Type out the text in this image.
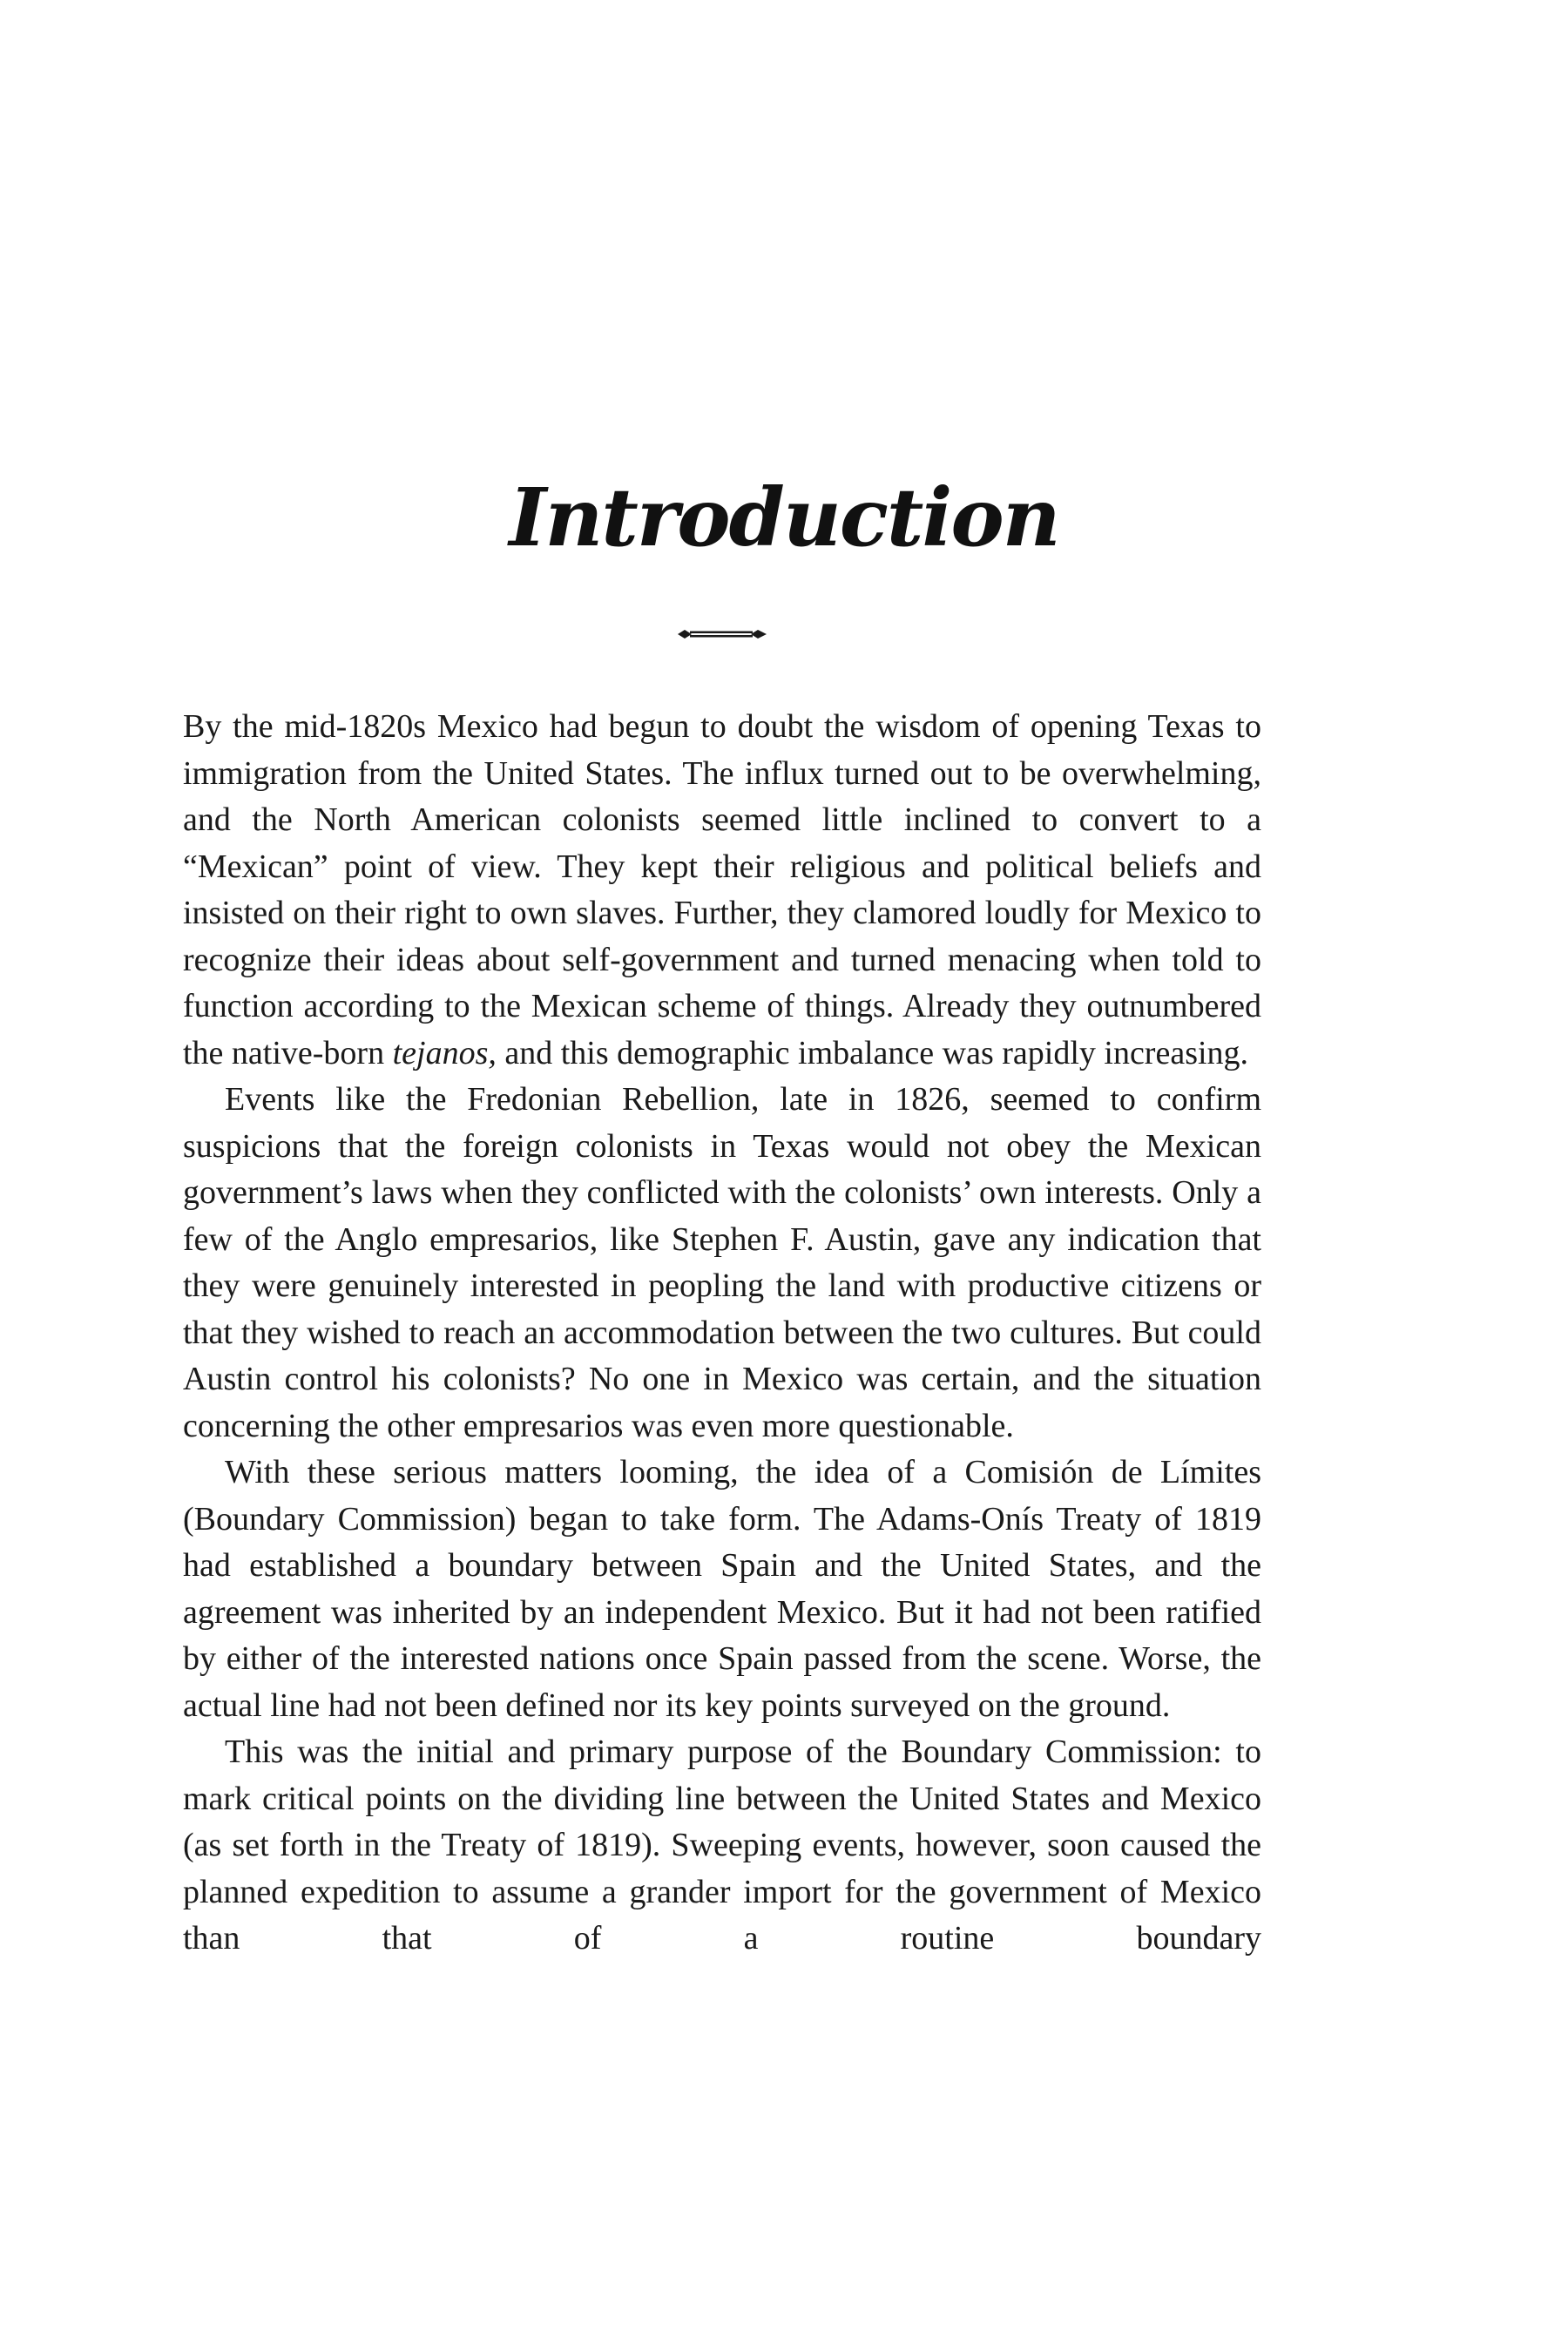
Introduction

By the mid-1820s Mexico had begun to doubt the wisdom of opening Texas to immigration from the United States. The influx turned out to be overwhelming, and the North American colonists seemed little inclined to convert to a “Mexican” point of view. They kept their religious and political beliefs and insisted on their right to own slaves. Further, they clamored loudly for Mexico to recognize their ideas about self-government and turned menacing when told to function according to the Mexican scheme of things. Already they outnumbered the native-born tejanos, and this demographic imbalance was rapidly increasing.

Events like the Fredonian Rebellion, late in 1826, seemed to confirm suspicions that the foreign colonists in Texas would not obey the Mexican government’s laws when they conflicted with the colonists’ own interests. Only a few of the Anglo empresarios, like Stephen F. Austin, gave any indication that they were genuinely interested in peopling the land with productive citizens or that they wished to reach an accommodation between the two cultures. But could Austin control his colonists? No one in Mexico was certain, and the situation concerning the other empresarios was even more questionable.

With these serious matters looming, the idea of a Comisión de Límites (Boundary Commission) began to take form. The Adams-Onís Treaty of 1819 had established a boundary between Spain and the United States, and the agreement was inherited by an independent Mexico. But it had not been ratified by either of the interested nations once Spain passed from the scene. Worse, the actual line had not been defined nor its key points surveyed on the ground.

This was the initial and primary purpose of the Boundary Commission: to mark critical points on the dividing line between the United States and Mexico (as set forth in the Treaty of 1819). Sweeping events, however, soon caused the planned expedition to assume a grander import for the government of Mexico than that of a routine boundary
